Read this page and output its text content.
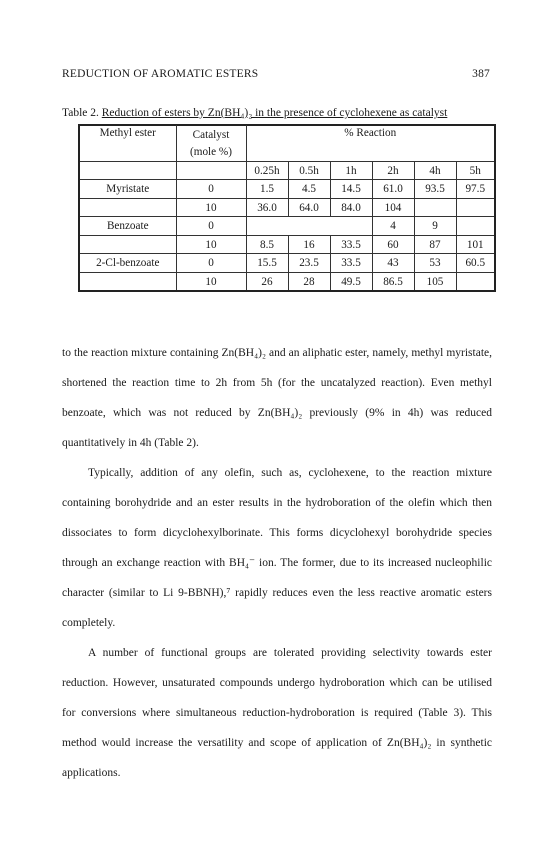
REDUCTION OF AROMATIC ESTERS	387
Table 2. Reduction of esters by Zn(BH₄)₂ in the presence of cyclohexene as catalyst
Methyl ester	Catalyst
(mole %)	% Reaction					

		0.25h	0.5h	1h	2h	4h	5h
Myristate	0	1.5	4.5	14.5	61.0	93.5	97.5
	10	36.0	64.0	84.0	104		
Benzoate	0				4	9	
	10	8.5	16	33.5	60	87	101
2-Cl-benzoate	0	15.5	23.5	33.5	43	53	60.5
	10	26	28	49.5	86.5	105	

to the reaction mixture containing Zn(BH₄)₂ and an aliphatic ester, namely, methyl myristate, shortened the reaction time to 2h from 5h (for the uncatalyzed reaction). Even methyl benzoate, which was not reduced by Zn(BH₄)₂ previously (9% in 4h) was reduced quantitatively in 4h (Table 2).

Typically, addition of any olefin, such as, cyclohexene, to the reaction mixture containing borohydride and an ester results in the hydroboration of the olefin which then dissociates to form dicyclohexylborinate. This forms dicyclohexyl borohydride species through an exchange reaction with BH₄⁻ ion. The former, due to its increased nucleophilic character (similar to Li 9-BBNH),⁷ rapidly reduces even the less reactive aromatic esters completely.

A number of functional groups are tolerated providing selectivity towards ester reduction. However, unsaturated compounds undergo hydroboration which can be utilised for conversions where simultaneous reduction-hydroboration is required (Table 3). This method would increase the versatility and scope of application of Zn(BH₄)₂ in synthetic applications.
